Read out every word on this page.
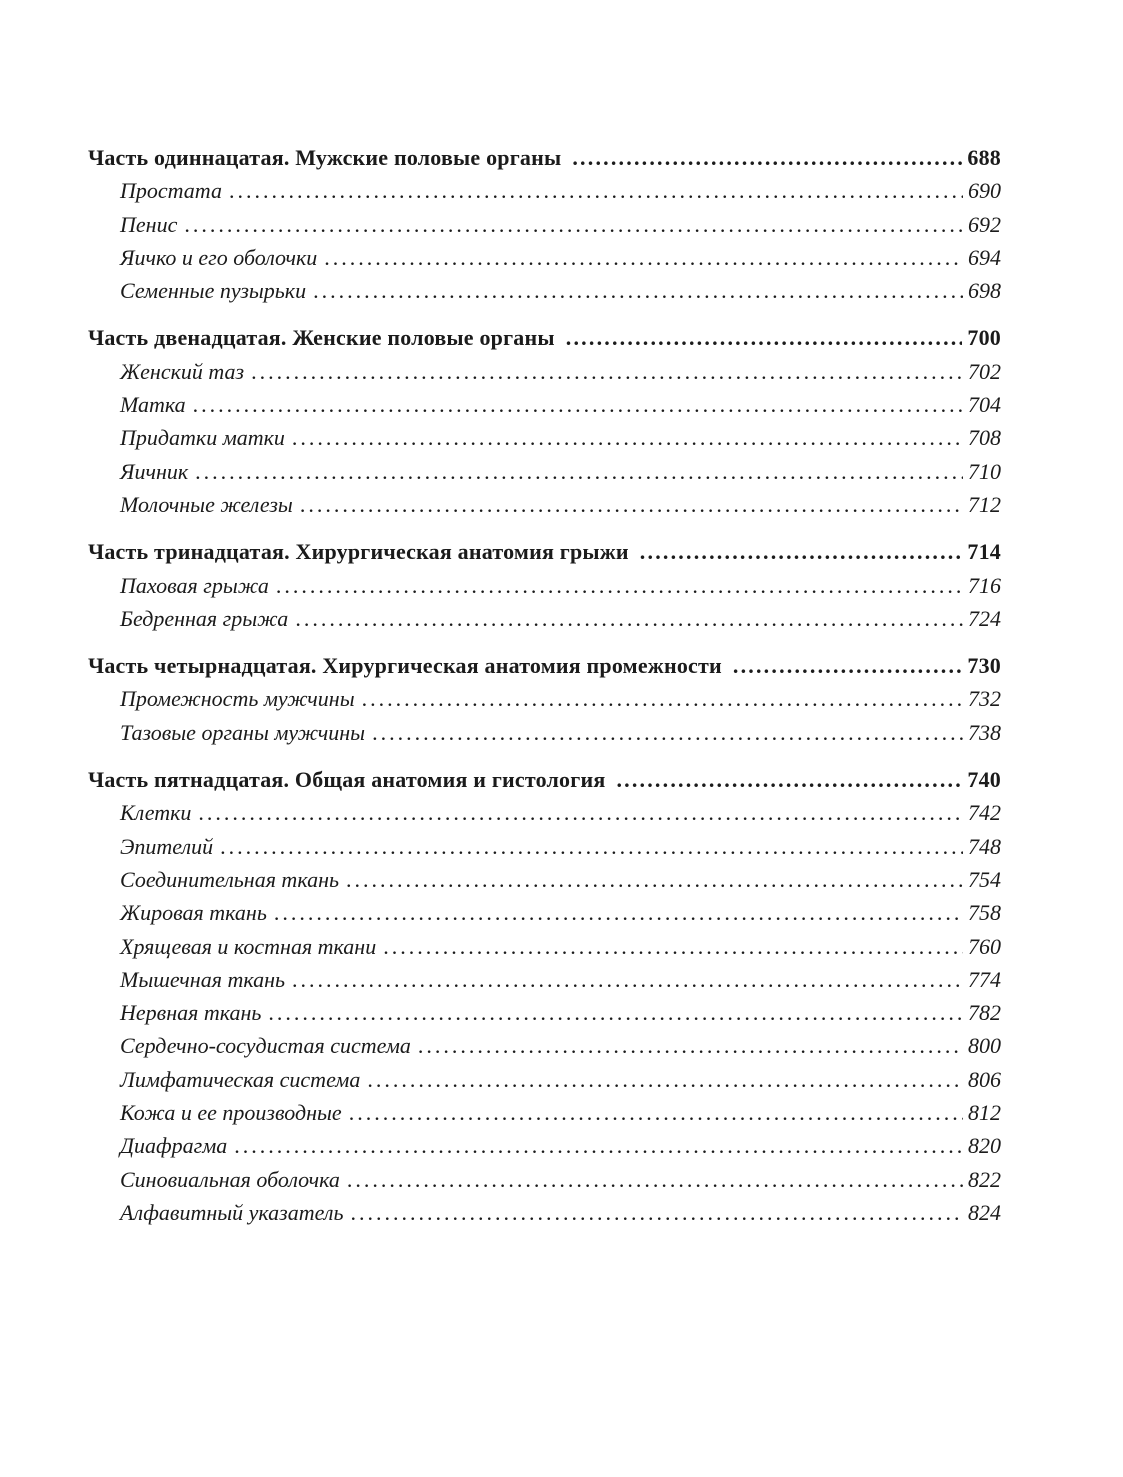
Часть одиннацатая. Мужские половые органы .....	688
Простата .....	690
Пенис .....	692
Яичко и его оболочки .....	694
Семенные пузырьки .....	698
Часть двенадцатая. Женские половые органы .....	700
Женский таз .....	702
Матка .....	704
Придатки матки .....	708
Яичник .....	710
Молочные железы .....	712
Часть тринадцатая. Хирургическая анатомия грыжи .....	714
Паховая грыжа .....	716
Бедренная грыжа .....	724
Часть четырнадцатая. Хирургическая анатомия промежности .....	730
Промежность мужчины .....	732
Тазовые органы мужчины .....	738
Часть пятнадцатая. Общая анатомия и гистология .....	740
Клетки .....	742
Эпителий .....	748
Соединительная ткань .....	754
Жировая ткань .....	758
Хрящевая и костная ткани .....	760
Мышечная ткань .....	774
Нервная ткань .....	782
Сердечно-сосудистая система .....	800
Лимфатическая система .....	806
Кожа и ее производные .....	812
Диафрагма .....	820
Синовиальная оболочка .....	822
Алфавитный указатель .....	824
